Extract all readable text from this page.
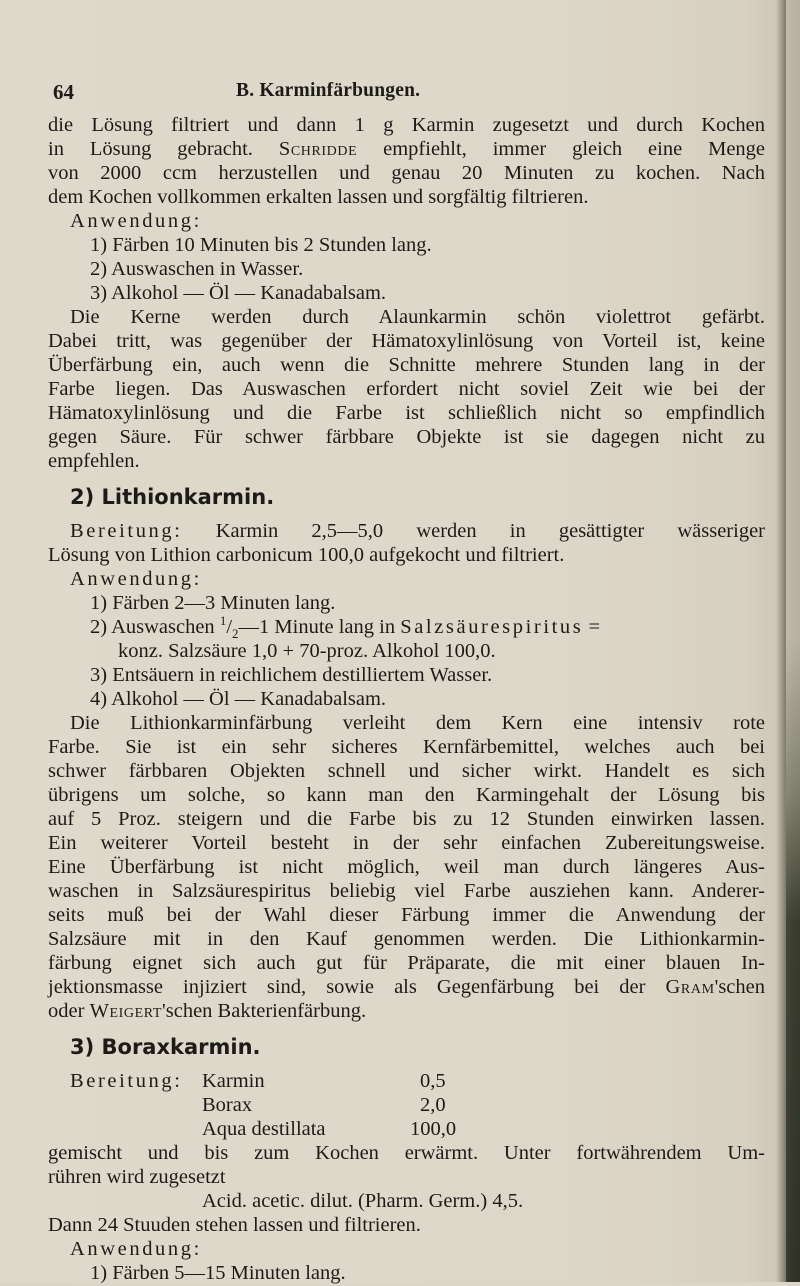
64	B. Karminfärbungen.
die Lösung filtriert und dann 1 g Karmin zugesetzt und durch Kochen
in Lösung gebracht. Schridde empfiehlt, immer gleich eine Menge
von 2000 ccm herzustellen und genau 20 Minuten zu kochen. Nach
dem Kochen vollkommen erkalten lassen und sorgfältig filtrieren.
Anwendung:
1) Färben 10 Minuten bis 2 Stunden lang.
2) Auswaschen in Wasser.
3) Alkohol — Öl — Kanadabalsam.
Die Kerne werden durch Alaunkarmin schön violettrot gefärbt.
Dabei tritt, was gegenüber der Hämatoxylinlösung von Vorteil ist, keine
Überfärbung ein, auch wenn die Schnitte mehrere Stunden lang in der
Farbe liegen. Das Auswaschen erfordert nicht soviel Zeit wie bei der
Hämatoxylinlösung und die Farbe ist schließlich nicht so empfindlich
gegen Säure. Für schwer färbbare Objekte ist sie dagegen nicht zu
empfehlen.
2) Lithionkarmin.
Bereitung: Karmin 2,5—5,0 werden in gesättigter wässeriger
Lösung von Lithion carbonicum 100,0 aufgekocht und filtriert.
Anwendung:
1) Färben 2—3 Minuten lang.
2) Auswaschen $^1/_2—1$ Minute lang in Salzsäurespiritus =
konz. Salzsäure 1,0 + 70-proz. Alkohol 100,0.
3) Entsäuern in reichlichem destilliertem Wasser.
4) Alkohol — Öl — Kanadabalsam.
Die Lithionkarminfärbung verleiht dem Kern eine intensiv rote
Farbe. Sie ist ein sehr sicheres Kernfärbemittel, welches auch bei
schwer färbbaren Objekten schnell und sicher wirkt. Handelt es sich
übrigens um solche, so kann man den Karmingehalt der Lösung bis
auf 5 Proz. steigern und die Farbe bis zu 12 Stunden einwirken lassen.
Ein weiterer Vorteil besteht in der sehr einfachen Zubereitungsweise.
Eine Überfärbung ist nicht möglich, weil man durch längeres Aus-
waschen in Salzsäurespiritus beliebig viel Farbe ausziehen kann. Anderer-
seits muß bei der Wahl dieser Färbung immer die Anwendung der
Salzsäure mit in den Kauf genommen werden. Die Lithionkarmin-
färbung eignet sich auch gut für Präparate, die mit einer blauen In-
jektionsmasse injiziert sind, sowie als Gegenfärbung bei der Gram'schen
oder Weigert'schen Bakterienfärbung.
3) Boraxkarmin.
Bereitung: Karmin	0,5
Borax	2,0
Aqua destillata	100,0
gemischt und bis zum Kochen erwärmt. Unter fortwährendem Um-
rühren wird zugesetzt
Acid. acetic. dilut. (Pharm. Germ.) 4,5.
Dann 24 Stuuden stehen lassen und filtrieren.
Anwendung:
1) Färben 5—15 Minuten lang.
